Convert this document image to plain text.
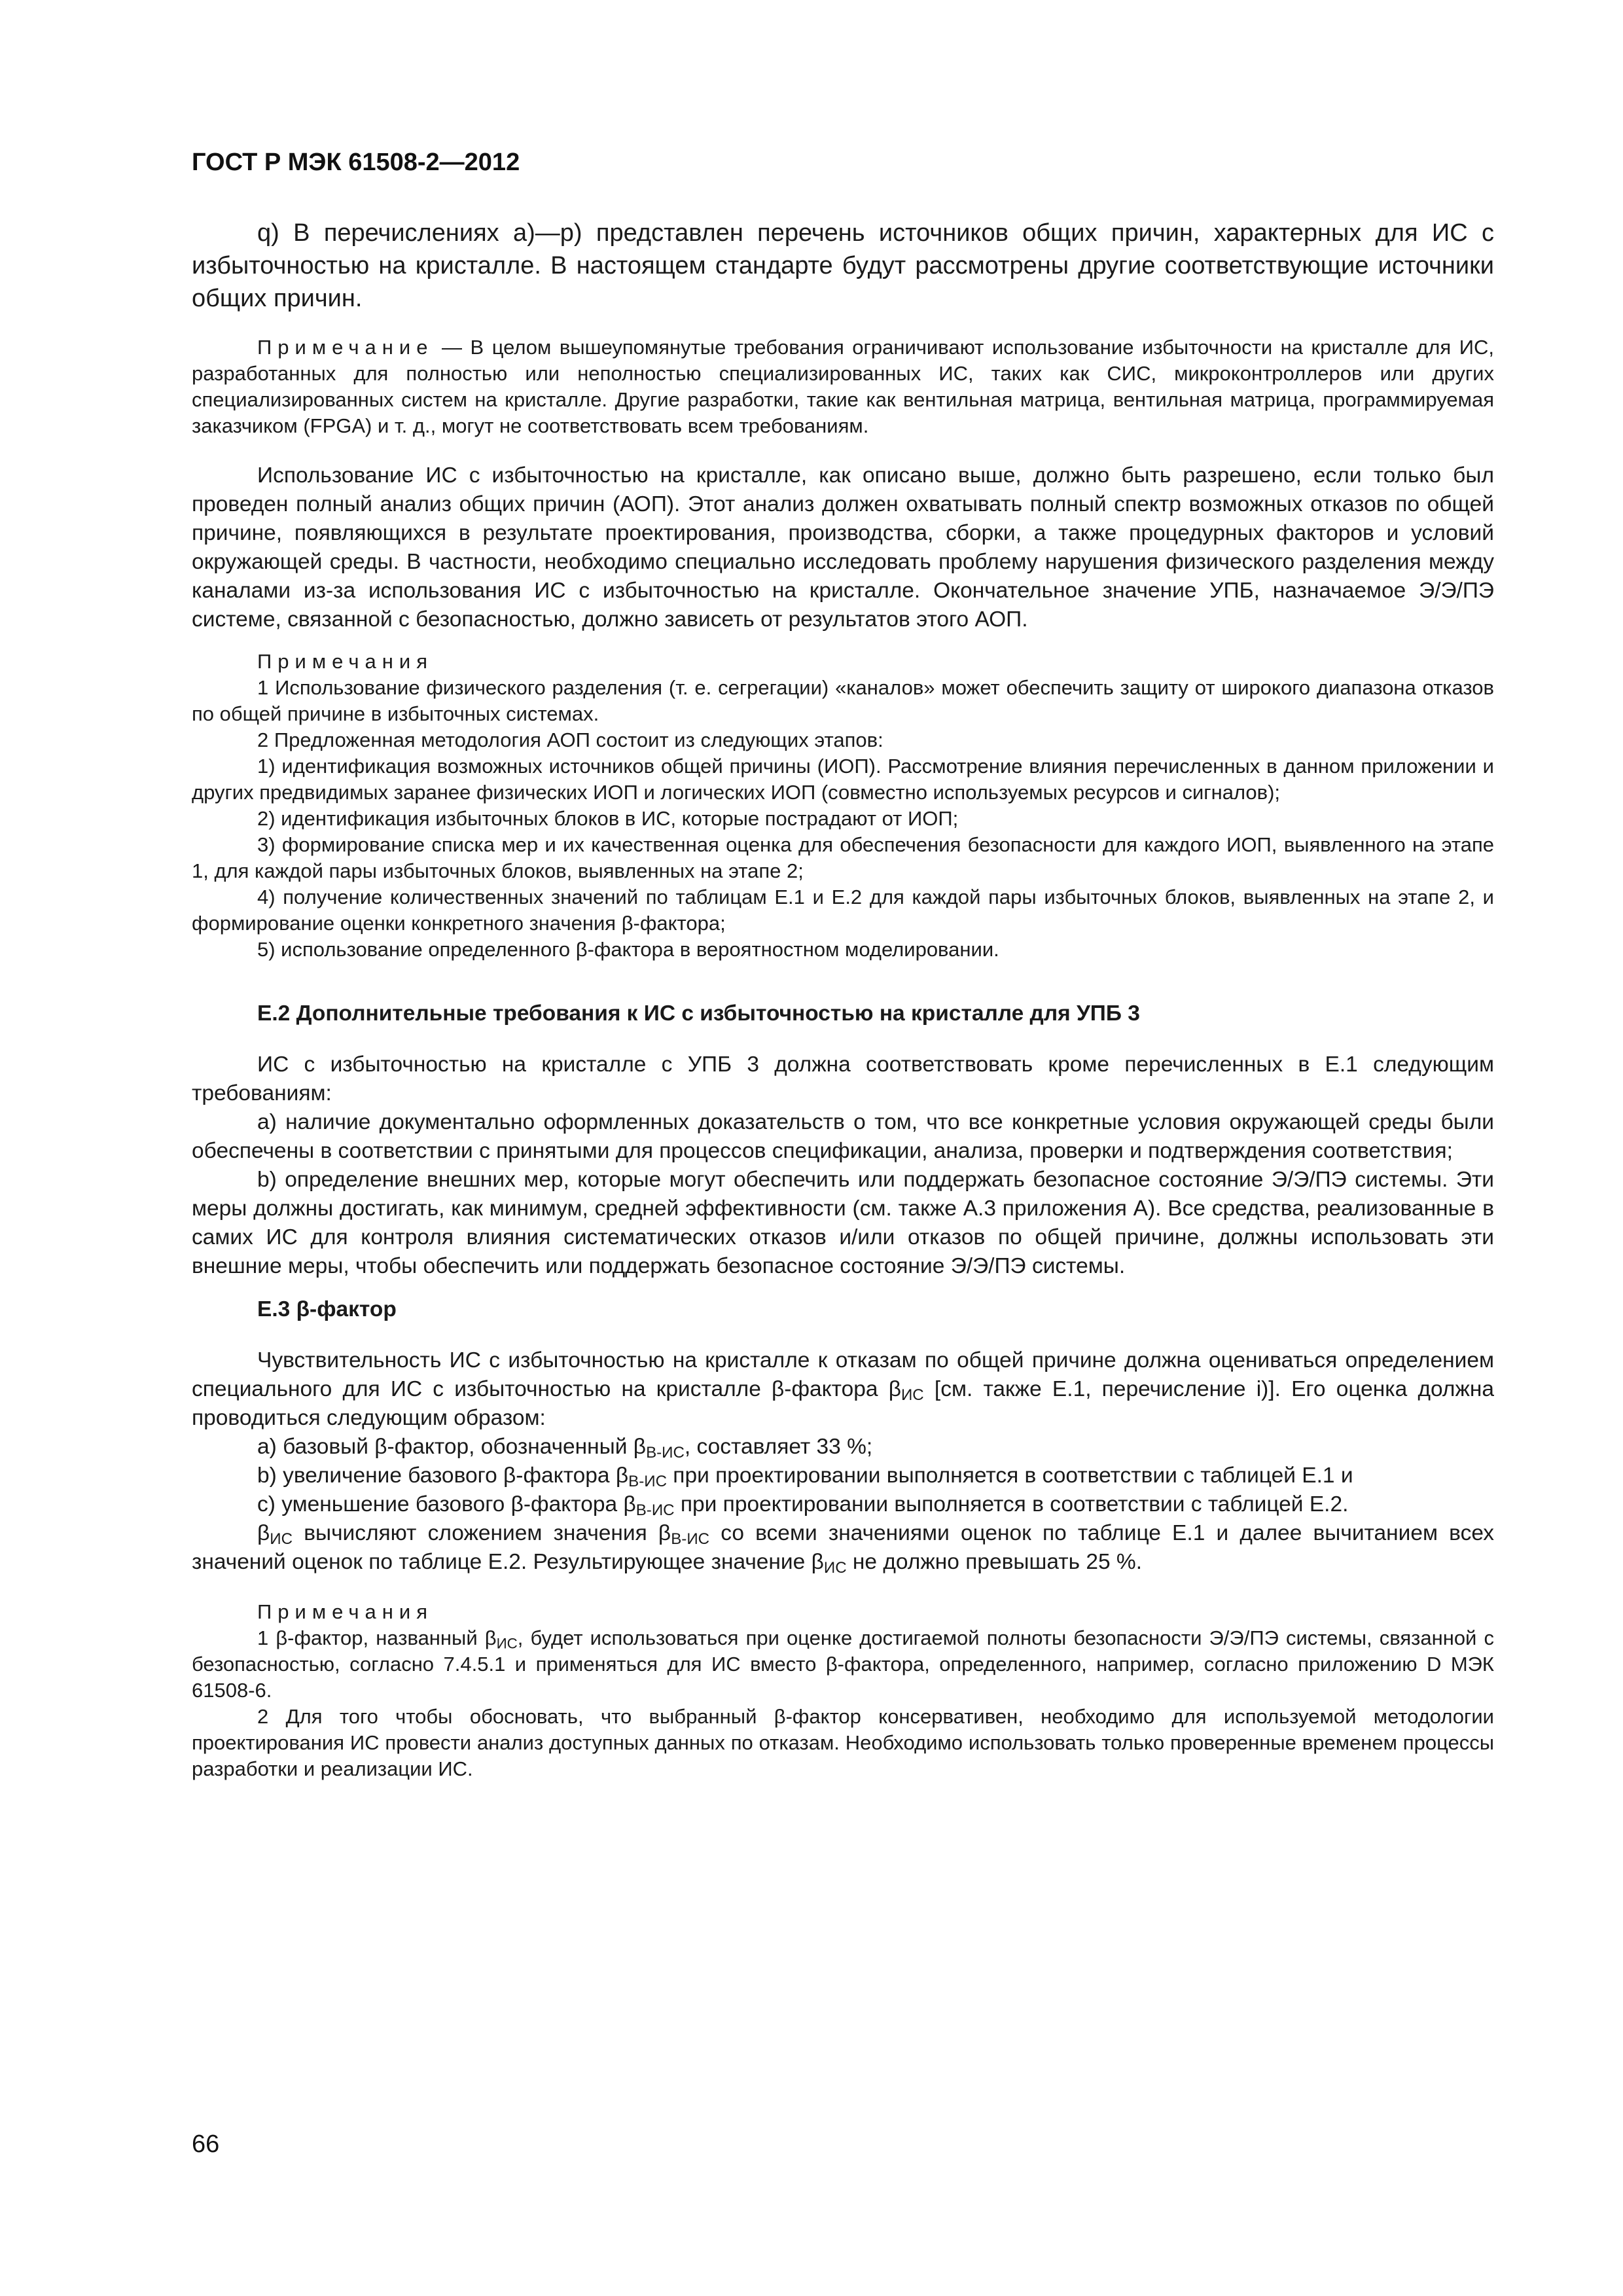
ГОСТ Р МЭК 61508-2—2012

q) В перечислениях а)—р) представлен перечень источников общих причин, характерных для ИС с избыточностью на кристалле. В настоящем стандарте будут рассмотрены другие соответствующие источники общих причин.

Примечание — В целом вышеупомянутые требования ограничивают использование избыточности на кристалле для ИС, разработанных для полностью или неполностью специализированных ИС, таких как СИС, микроконтроллеров или других специализированных систем на кристалле. Другие разработки, такие как вентильная матрица, вентильная матрица, программируемая заказчиком (FPGA) и т. д., могут не соответствовать всем требованиям.

Использование ИС с избыточностью на кристалле, как описано выше, должно быть разрешено, если только был проведен полный анализ общих причин (АОП). Этот анализ должен охватывать полный спектр возможных отказов по общей причине, появляющихся в результате проектирования, производства, сборки, а также процедурных факторов и условий окружающей среды. В частности, необходимо специально исследовать проблему нарушения физического разделения между каналами из-за использования ИС с избыточностью на кристалле. Окончательное значение УПБ, назначаемое Э/Э/ПЭ системе, связанной с безопасностью, должно зависеть от результатов этого АОП.

Примечания

1 Использование физического разделения (т. е. сегрегации) «каналов» может обеспечить защиту от широкого диапазона отказов по общей причине в избыточных системах.

2 Предложенная методология АОП состоит из следующих этапов:

1) идентификация возможных источников общей причины (ИОП). Рассмотрение влияния перечисленных в данном приложении и других предвидимых заранее физических ИОП и логических ИОП (совместно используемых ресурсов и сигналов);

2) идентификация избыточных блоков в ИС, которые пострадают от ИОП;

3) формирование списка мер и их качественная оценка для обеспечения безопасности для каждого ИОП, выявленного на этапе 1, для каждой пары избыточных блоков, выявленных на этапе 2;

4) получение количественных значений по таблицам Е.1 и Е.2 для каждой пары избыточных блоков, выявленных на этапе 2, и формирование оценки конкретного значения β-фактора;

5) использование определенного β-фактора в вероятностном моделировании.

Е.2 Дополнительные требования к ИС с избыточностью на кристалле для УПБ 3

ИС с избыточностью на кристалле с УПБ 3 должна соответствовать кроме перечисленных в Е.1 следующим требованиям:

a) наличие документально оформленных доказательств о том, что все конкретные условия окружающей среды были обеспечены в соответствии с принятыми для процессов спецификации, анализа, проверки и подтверждения соответствия;

b) определение внешних мер, которые могут обеспечить или поддержать безопасное состояние Э/Э/ПЭ системы. Эти меры должны достигать, как минимум, средней эффективности (см. также А.3 приложения А). Все средства, реализованные в самих ИС для контроля влияния систематических отказов и/или отказов по общей причине, должны использовать эти внешние меры, чтобы обеспечить или поддержать безопасное состояние Э/Э/ПЭ системы.

Е.3 β-фактор

Чувствительность ИС с избыточностью на кристалле к отказам по общей причине должна оцениваться определением специального для ИС с избыточностью на кристалле β-фактора $\beta_{ИС}$ [см. также Е.1, перечисление i)]. Его оценка должна проводиться следующим образом:

a) базовый β-фактор, обозначенный $\beta_{B-ИС}$, составляет 33 %;

b) увеличение базового β-фактора $\beta_{B-ИС}$ при проектировании выполняется в соответствии с таблицей Е.1 и

c) уменьшение базового β-фактора $\beta_{B-ИС}$ при проектировании выполняется в соответствии с таблицей Е.2.

$\beta_{ИС}$ вычисляют сложением значения $\beta_{B-ИС}$ со всеми значениями оценок по таблице Е.1 и далее вычитанием всех значений оценок по таблице Е.2. Результирующее значение $\beta_{ИС}$ не должно превышать 25 %.

Примечания

1 β-фактор, названный $\beta_{ИС}$, будет использоваться при оценке достигаемой полноты безопасности Э/Э/ПЭ системы, связанной с безопасностью, согласно 7.4.5.1 и применяться для ИС вместо β-фактора, определенного, например, согласно приложению D МЭК 61508-6.

2 Для того чтобы обосновать, что выбранный β-фактор консервативен, необходимо для используемой методологии проектирования ИС провести анализ доступных данных по отказам. Необходимо использовать только проверенные временем процессы разработки и реализации ИС.

66
